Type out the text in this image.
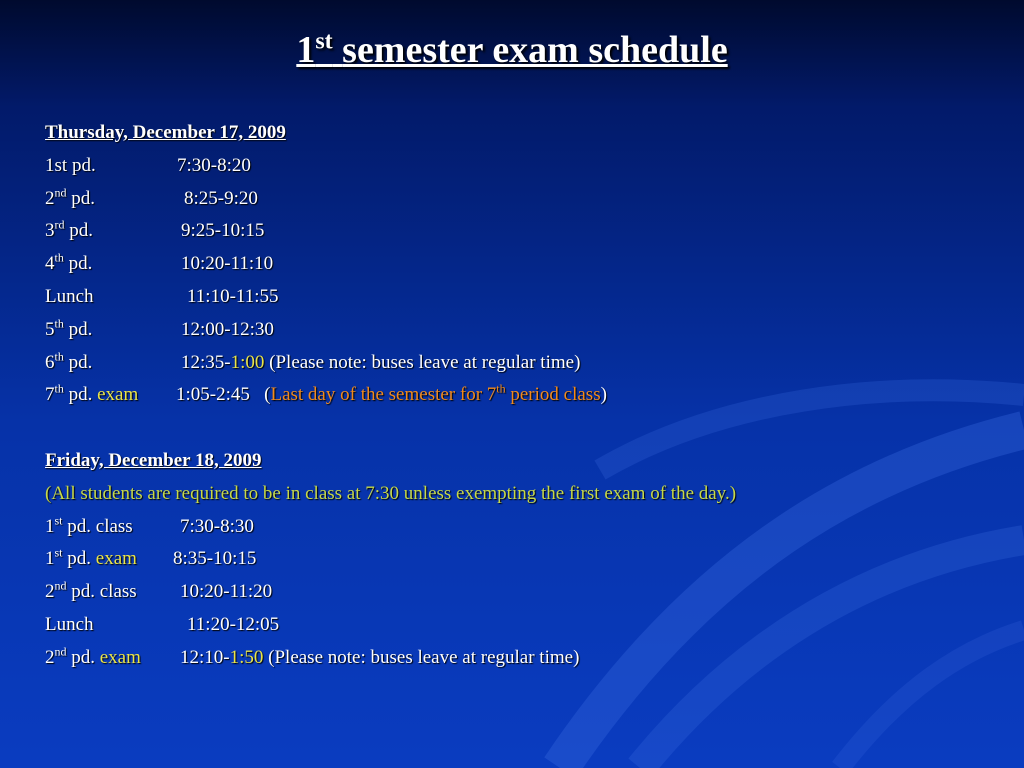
1st semester exam schedule
Thursday, December 17, 2009
1st pd.	7:30-8:20
2nd pd.	8:25-9:20
3rd pd.	9:25-10:15
4th pd.	10:20-11:10
Lunch	11:10-11:55
5th pd.	12:00-12:30
6th pd.	12:35-1:00 (Please note: buses leave at regular time)
7th pd. exam 1:05-2:45 (Last day of the semester for 7th period class)
Friday, December 18, 2009
(All students are required to be in class at 7:30 unless exempting the first exam of the day.)
1st pd. class 7:30-8:30
1st pd. exam 8:35-10:15
2nd pd. class 10:20-11:20
Lunch	11:20-12:05
2nd pd. exam 12:10-1:50 (Please note: buses leave at regular time)
